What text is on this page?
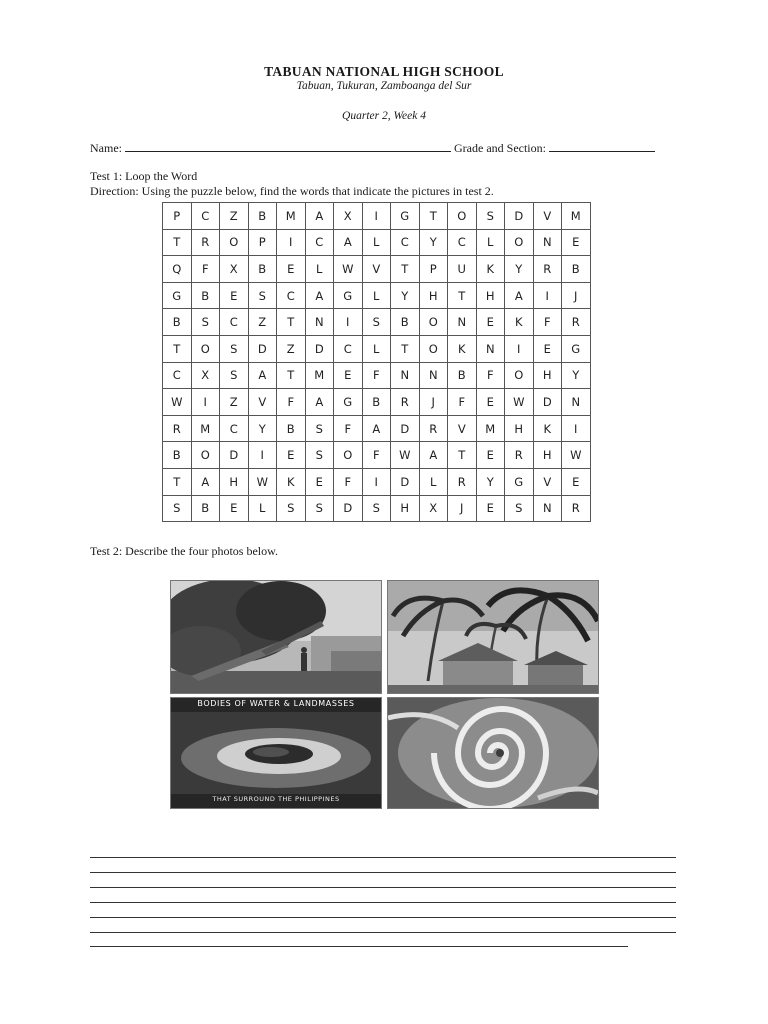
TABUAN NATIONAL HIGH SCHOOL
Tabuan, Tukuran, Zamboanga del Sur
Quarter 2, Week 4
Name:	Grade and Section:
Test 1: Loop the Word
Direction: Using the puzzle below, find the words that indicate the pictures in test 2.
P	C	Z	B	M	A	X	I	G	T	O	S	D	V	M
T	R	O	P	I	C	A	L	C	Y	C	L	O	N	E
Q	F	X	B	E	L	W	V	T	P	U	K	Y	R	B
G	B	E	S	C	A	G	L	Y	H	T	H	A	I	J
B	S	C	Z	T	N	I	S	B	O	N	E	K	F	R
T	O	S	D	Z	D	C	L	T	O	K	N	I	E	G
C	X	S	A	T	M	E	F	N	N	B	F	O	H	Y
W	I	Z	V	F	A	G	B	R	J	F	E	W	D	N
R	M	C	Y	B	S	F	A	D	R	V	M	H	K	I
B	O	D	I	E	S	O	F	W	A	T	E	R	H	W
T	A	H	W	K	E	F	I	D	L	R	Y	G	V	E
S	B	E	L	S	S	D	S	H	X	J	E	S	N	R
Test 2: Describe the four photos below.
BODIES OF WATER & LANDMASSES
THAT SURROUND THE PHILIPPINES
